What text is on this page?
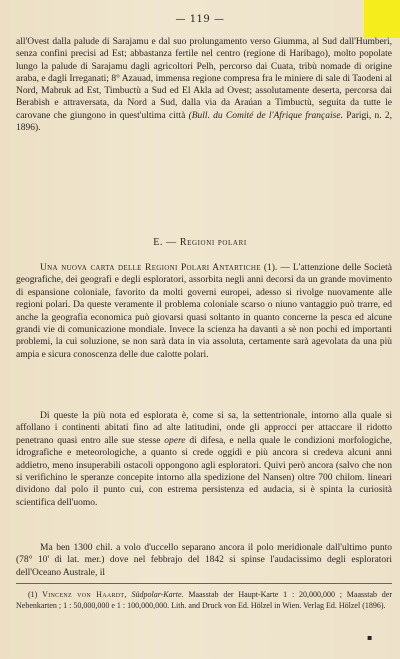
— 119 —
all'Ovest dalla palude di Sarajamu e dal suo prolungamento verso Giumma, al Sud dall'Humberi, senza confini precisi ad Est; abbastanza fertile nel centro (regione di Haribago), molto popolate lungo la palude di Sarajamu dagli agricoltori Pelh, percorso dai Cuata, tribù nomade di origine araba, e dagli Irreganati; 8° Azauad, immensa regione compresa fra le miniere di sale di Taodeni al Nord, Mabruk ad Est, Timbuctù a Sud ed El Akla ad Ovest; assolutamente deserta, percorsa dai Berabish e attraversata, da Nord a Sud, dalla via da Araúan a Timbuctù, seguita da tutte le carovane che giungono in quest'ultima città (Bull. du Comité de l'Afrique française. Parigi, n. 2, 1896).
E. — Regioni polari
Una nuova carta delle Regioni Polari Antartiche (1). — L'attenzione delle Società geografiche, dei geografi e degli esploratori, assorbita negli anni decorsi da un grande movimento di espansione coloniale, favorito da molti governi europei, adesso si rivolge nuovamente alle regioni polari. Da queste veramente il problema coloniale scarso o niuno vantaggio può trarre, ed anche la geografia economica può giovarsi quasi soltanto in quanto concerne la pesca ed alcune grandi vie di comunicazione mondiale. Invece la scienza ha davanti a sè non pochi ed importanti problemi, la cui soluzione, se non sarà data in via assoluta, certamente sarà agevolata da una più ampia e sicura conoscenza delle due calotte polari.
Di queste la più nota ed esplorata è, come si sa, la settentrionale, intorno alla quale si affollano i continenti abitati fino ad alte latitudini, onde gli approcci per attaccare il ridotto penetrano quasi entro alle sue stesse opere di difesa, e nella quale le condizioni morfologiche, idrografiche e meteorologiche, a quanto si crede oggidì e più ancora si credeva alcuni anni addietro, meno insuperabili ostacoli oppongono agli esploratori. Quivi però ancora (salvo che non si verifichino le speranze concepite intorno alla spedizione del Nansen) oltre 700 chilom. lineari dividono dal polo il punto cui, con estrema persistenza ed audacia, si è spinta la curiosità scientifica dell'uomo.
Ma ben 1300 chil. a volo d'uccello separano ancora il polo meridionale dall'ultimo punto (78° 10' di lat. mer.) dove nel febbrajo del 1842 si spinse l'audacissimo degli esploratori dell'Oceano Australe, il
(1) Vincenz von Haardt, Südpolar-Karte. Maasstab der Haupt-Karte 1 : 20,000,000 ; Maasstab der Nebenkarten ; 1 : 50,000,000 e 1 : 100,000,000. Lith. and Druck von Ed. Hölzel in Wien. Verlag Ed. Hölzel (1896).
▪
